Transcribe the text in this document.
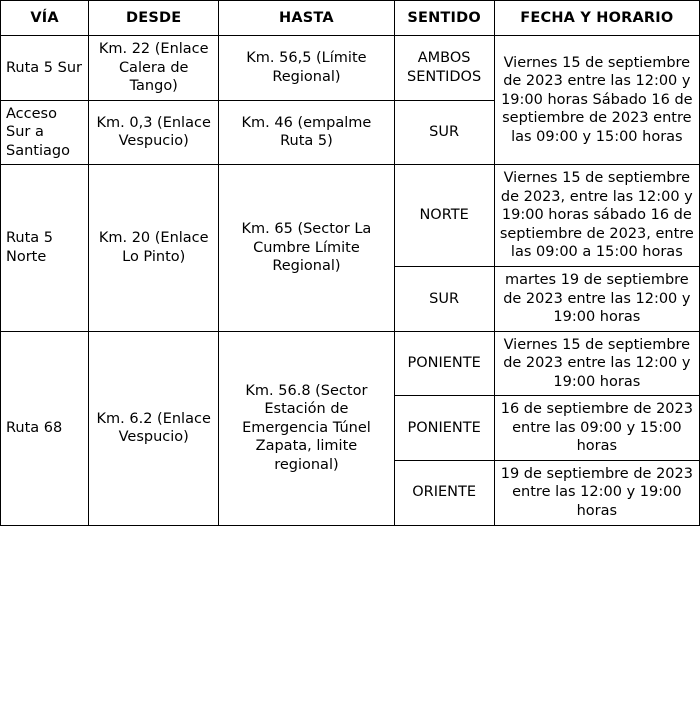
VÍA	DESDE	HASTA	SENTIDO	FECHA Y HORARIO
Ruta 5 Sur	Km. 22 (Enlace Calera de Tango)	Km. 56,5 (Límite Regional)	AMBOS SENTIDOS	Viernes 15 de septiembre de 2023 entre las 12:00 y 19:00 horas Sábado 16 de septiembre de 2023 entre las 09:00 y 15:00 horas
Acceso Sur a Santiago	Km. 0,3 (Enlace Vespucio)	Km. 46 (empalme Ruta 5)	SUR	
Ruta 5 Norte	Km. 20 (Enlace Lo Pinto)	Km. 65 (Sector La Cumbre Límite Regional)	NORTE	Viernes 15 de septiembre de 2023, entre las 12:00 y 19:00 horas sábado 16 de septiembre de 2023, entre las 09:00 a 15:00 horas
			SUR	martes 19 de septiembre de 2023 entre las 12:00 y 19:00 horas
Ruta 68	Km. 6.2 (Enlace Vespucio)	Km. 56.8 (Sector Estación de Emergencia Túnel Zapata, limite regional)	PONIENTE	Viernes 15 de septiembre de 2023 entre las 12:00 y 19:00 horas
			PONIENTE	16 de septiembre de 2023 entre las 09:00 y 15:00 horas
			ORIENTE	19 de septiembre de 2023 entre las 12:00 y 19:00 horas
